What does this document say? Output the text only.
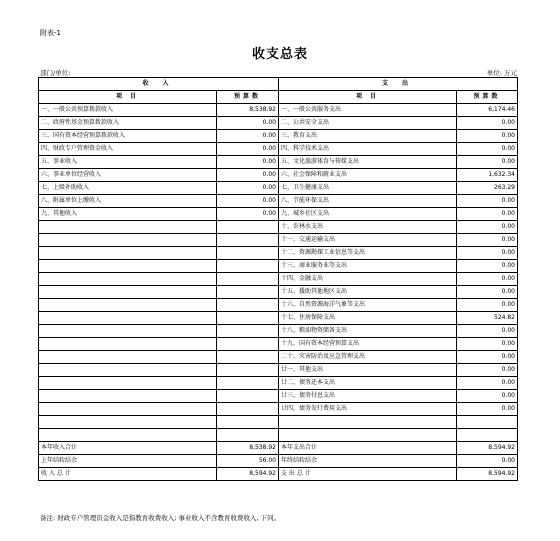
附表-1
收支总表
部门/单位:	单位: 万元
收 入		支 出	
项 目	预算数	项 目	预算数
一、一般公共预算拨款收入	8,538.92	一、一般公共服务支出	6,174.46
二、政府性基金预算拨款收入	0.00	二、公共安全支出	0.00
三、国有资本经营预算拨款收入	0.00	三、教育支出	0.00
四、财政专户管理资金收入	0.00	四、科学技术支出	0.00
五、事业收入	0.00	五、文化旅游体育与传媒支出	0.00
六、事业单位经营收入	0.00	六、社会保障和就业支出	1,632.34
七、上级补助收入	0.00	七、卫生健康支出	263.29
八、附属单位上缴收入	0.00	八、节能环保支出	0.00
九、其他收入	0.00	九、城乡社区支出	0.00
		十、农林水支出	0.00
		十一、交通运输支出	0.00
		十二、资源勘探工业信息等支出	0.00
		十三、商业服务业等支出	0.00
		十四、金融支出	0.00
		十五、援助其他地区支出	0.00
		十六、自然资源海洋气象等支出	0.00
		十七、住房保障支出	524.82
		十八、粮油物资储备支出	0.00
		十九、国有资本经营预算支出	0.00
		二十、灾害防治及应急管理支出	0.00
		廿一、其他支出	0.00
		廿二、债务还本支出	0.00
		廿三、债务付息支出	0.00
		廿四、债务发行费用支出	0.00

本年收入合计	8,538.92	本年支出合计	8,594.92
上年结转结余	56.00	年终结转结余	0.00
收 入 总 计	8,594.92	支 出 总 计	8,594.92
备注: 财政专户管理资金收入是指教育收费收入; 事业收入不含教育收费收入, 下同。
